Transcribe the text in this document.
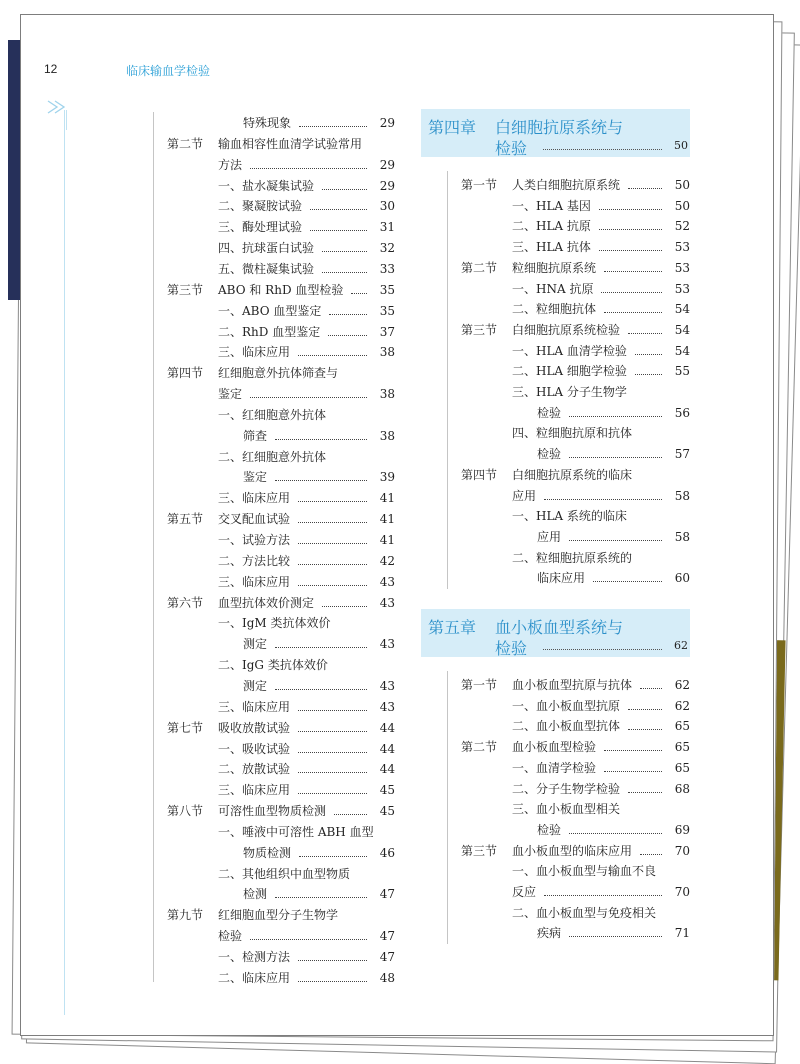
12	临床输血学检验
特殊现象	29
第二节 输血相容性血清学试验常用
方法	29
一、盐水凝集试验	29
二、聚凝胺试验	30
三、酶处理试验	31
四、抗球蛋白试验	32
五、微柱凝集试验	33
第三节 ABO 和 RhD 血型检验	35
一、ABO 血型鉴定	35
二、RhD 血型鉴定	37
三、临床应用	38
第四节 红细胞意外抗体筛查与
鉴定	38
一、红细胞意外抗体
筛查	38
二、红细胞意外抗体
鉴定	39
三、临床应用	41
第五节 交叉配血试验	41
一、试验方法	41
二、方法比较	42
三、临床应用	43
第六节 血型抗体效价测定	43
一、IgM 类抗体效价
测定	43
二、IgG 类抗体效价
测定	43
三、临床应用	43
第七节 吸收放散试验	44
一、吸收试验	44
二、放散试验	44
三、临床应用	45
第八节 可溶性血型物质检测	45
一、唾液中可溶性 ABH 血型
物质检测	46
二、其他组织中血型物质
检测	47
第九节 红细胞血型分子生物学
检验	47
一、检测方法	47
二、临床应用	48
第四章 白细胞抗原系统与
检验	50
第一节 人类白细胞抗原系统	50
一、HLA 基因	50
二、HLA 抗原	52
三、HLA 抗体	53
第二节 粒细胞抗原系统	53
一、HNA 抗原	53
二、粒细胞抗体	54
第三节 白细胞抗原系统检验	54
一、HLA 血清学检验	54
二、HLA 细胞学检验	55
三、HLA 分子生物学
检验	56
四、粒细胞抗原和抗体
检验	57
第四节 白细胞抗原系统的临床
应用	58
一、HLA 系统的临床
应用	58
二、粒细胞抗原系统的
临床应用	60
第五章 血小板血型系统与
检验	62
第一节 血小板血型抗原与抗体	62
一、血小板血型抗原	62
二、血小板血型抗体	65
第二节 血小板血型检验	65
一、血清学检验	65
二、分子生物学检验	68
三、血小板血型相关
检验	69
第三节 血小板血型的临床应用	70
一、血小板血型与输血不良
反应	70
二、血小板血型与免疫相关
疾病	71
